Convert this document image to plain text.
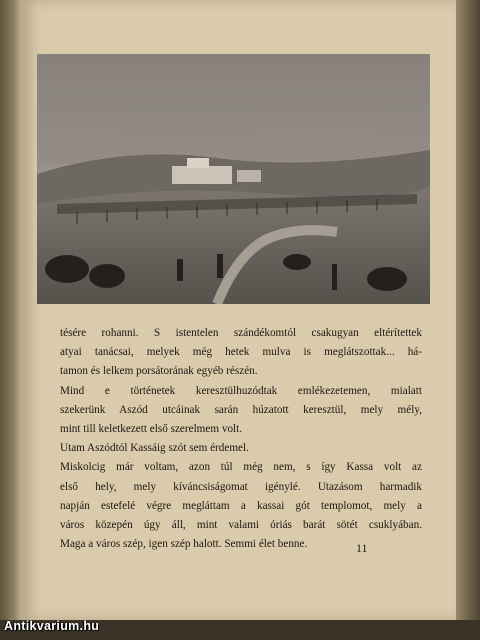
tésére rohanni. S istentelen szándékomtól csakugyan eltérítettek
atyai tanácsai, melyek még hetek mulva is meglátszottak... há-
tamon és lelkem porsátorának egyéb részén.
Mind e történetek keresztülhuzódtak emlékezetemen, mialatt
szekerünk Aszód utcáinak sarán húzatott keresztül, mely mély,
mint till keletkezett első szerelmem volt.
Utam Aszódtól Kassáig szót sem érdemel.
Miskolcig már voltam, azon túl még nem, s így Kassa volt az
első hely, mely kíváncsiságomat igénylé. Utazásom harmadik
napján estefelé végre megláttam a kassai gót templomot, mely a
város közepén úgy áll, mint valami óriás barát sötét csuklyában.
Maga a város szép, igen szép halott. Semmi élet benne.	11
Antikvarium.hu
